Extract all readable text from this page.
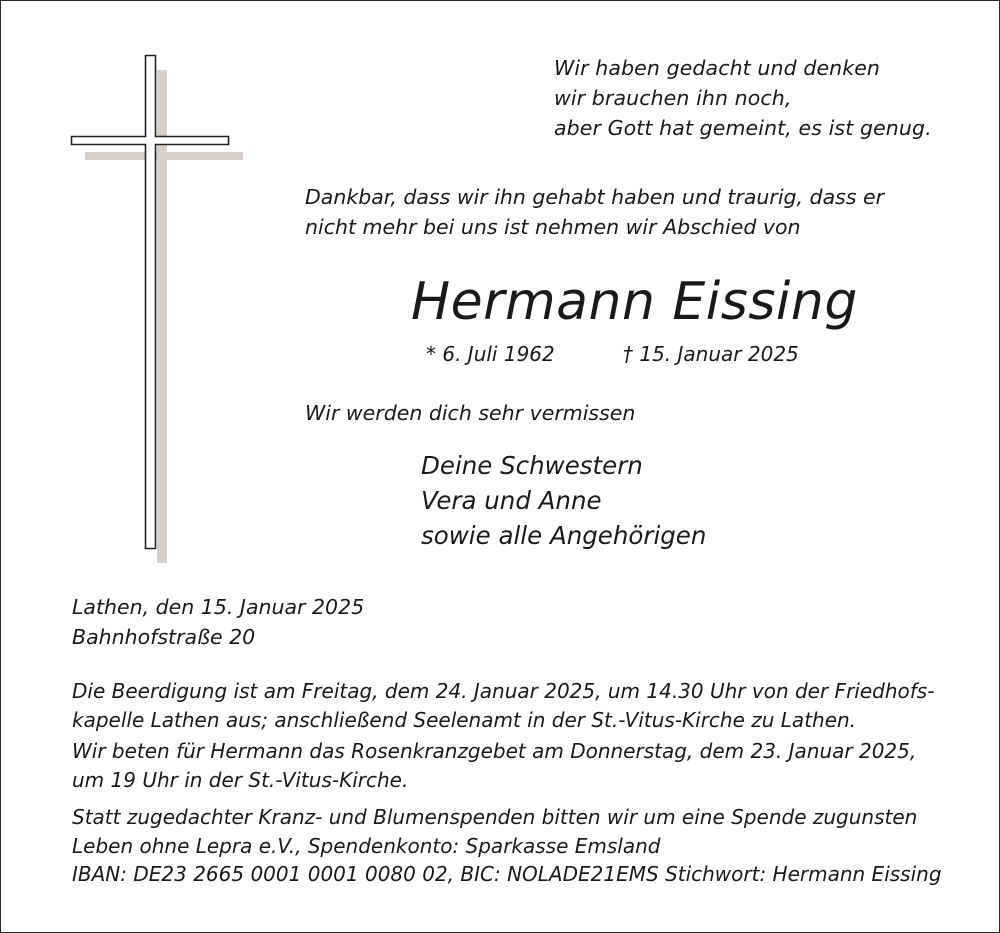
Wir haben gedacht und denken
wir brauchen ihn noch,
aber Gott hat gemeint, es ist genug.

Dankbar, dass wir ihn gehabt haben und traurig, dass er
nicht mehr bei uns ist nehmen wir Abschied von

Hermann Eissing

* 6. Juli 1962	† 15. Januar 2025

Wir werden dich sehr vermissen

Deine Schwestern
Vera und Anne
sowie alle Angehörigen

Lathen, den 15. Januar 2025
Bahnhofstraße 20

Die Beerdigung ist am Freitag, dem 24. Januar 2025, um 14.30 Uhr von der Friedhofs-
kapelle Lathen aus; anschließend Seelenamt in der St.-Vitus-Kirche zu Lathen.

Wir beten für Hermann das Rosenkranzgebet am Donnerstag, dem 23. Januar 2025,
um 19 Uhr in der St.-Vitus-Kirche.

Statt zugedachter Kranz- und Blumenspenden bitten wir um eine Spende zugunsten
Leben ohne Lepra e.V., Spendenkonto: Sparkasse Emsland
IBAN: DE23 2665 0001 0001 0080 02, BIC: NOLADE21EMS Stichwort: Hermann Eissing
